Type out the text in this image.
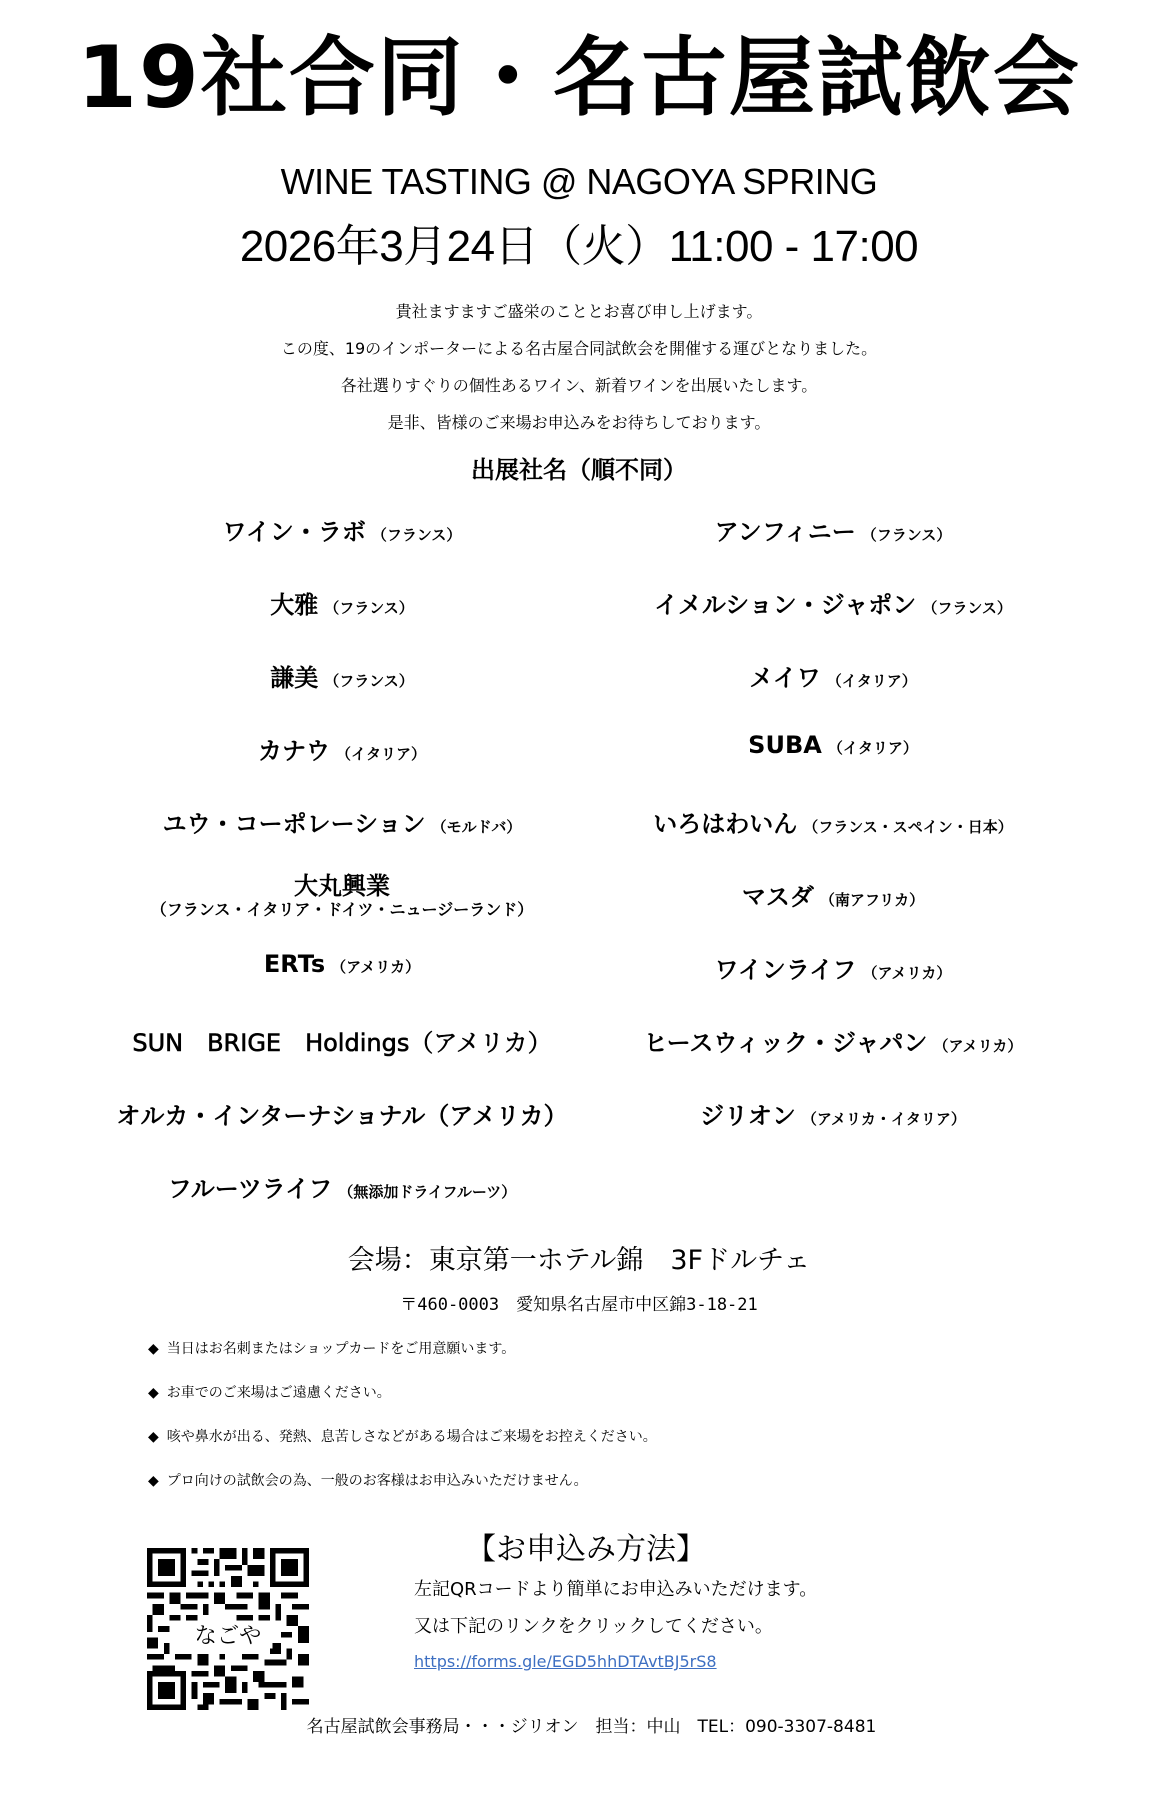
19社合同・名古屋試飲会
WINE TASTING @ NAGOYA SPRING
2026年3月24日（火）11:00 - 17:00
貴社ますますご盛栄のこととお喜び申し上げます。
この度、19のインポーターによる名古屋合同試飲会を開催する運びとなりました。
各社選りすぐりの個性あるワイン、新着ワインを出展いたします。
是非、皆様のご来場お申込みをお待ちしております。
出展社名（順不同）
ワイン・ラボ （フランス）
大雅 （フランス）
謙美 （フランス）
カナウ （イタリア）
ユウ・コーポレーション （モルドバ）
大丸興業
（フランス・イタリア・ドイツ・ニュージーランド）
ERTs （アメリカ）
SUN　BRIGE　Holdings（アメリカ）
オルカ・インターナショナル（アメリカ）
フルーツライフ （無添加ドライフルーツ）
アンフィニー （フランス）
イメルション・ジャポン （フランス）
メイワ （イタリア）
SUBA （イタリア）
いろはわいん （フランス・スペイン・日本）
マスダ （南アフリカ）
ワインライフ （アメリカ）
ヒースウィック・ジャパン （アメリカ）
ジリオン （アメリカ・イタリア）
会場：東京第一ホテル錦　3Fドルチェ
〒460-0003　愛知県名古屋市中区錦3-18-21
◆ 当日はお名刺またはショップカードをご用意願います。
◆ お車でのご来場はご遠慮ください。
◆ 咳や鼻水が出る、発熱、息苦しさなどがある場合はご来場をお控えください。
◆ プロ向けの試飲会の為、一般のお客様はお申込みいただけません。
なごや
【お申込み方法】
左記QRコードより簡単にお申込みいただけます。
又は下記のリンクをクリックしてください。
https://forms.gle/EGD5hhDTAvtBJ5rS8
名古屋試飲会事務局・・・ジリオン　担当：中山　TEL：090-3307-8481
